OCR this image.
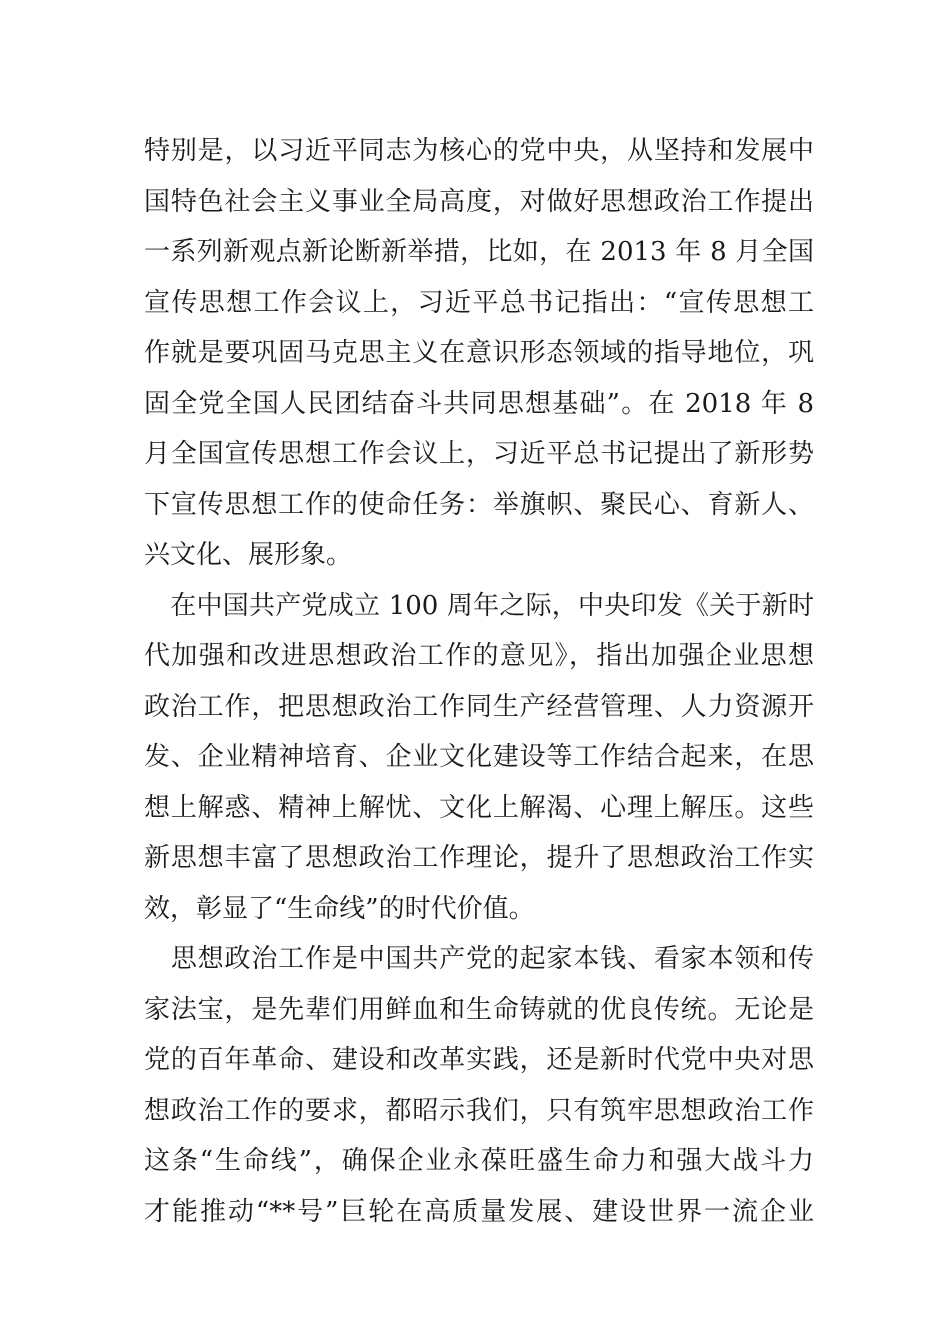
特别是，以习近平同志为核心的党中央，从坚持和发展中
国特色社会主义事业全局高度，对做好思想政治工作提出
一系列新观点新论断新举措，比如，在 2013 年 8 月全国
宣传思想工作会议上，习近平总书记指出：“宣传思想工
作就是要巩固马克思主义在意识形态领域的指导地位，巩
固全党全国人民团结奋斗共同思想基础”。在 2018 年 8
月全国宣传思想工作会议上，习近平总书记提出了新形势
下宣传思想工作的使命任务：举旗帜、聚民心、育新人、
兴文化、展形象。
　在中国共产党成立 100 周年之际，中央印发《关于新时
代加强和改进思想政治工作的意见》，指出加强企业思想
政治工作，把思想政治工作同生产经营管理、人力资源开
发、企业精神培育、企业文化建设等工作结合起来，在思
想上解惑、精神上解忧、文化上解渴、心理上解压。这些
新思想丰富了思想政治工作理论，提升了思想政治工作实
效，彰显了“生命线”的时代价值。
　思想政治工作是中国共产党的起家本钱、看家本领和传
家法宝，是先辈们用鲜血和生命铸就的优良传统。无论是
党的百年革命、建设和改革实践，还是新时代党中央对思
想政治工作的要求，都昭示我们，只有筑牢思想政治工作
这条“生命线”，确保企业永葆旺盛生命力和强大战斗力
才能推动“**号”巨轮在高质量发展、建设世界一流企业
